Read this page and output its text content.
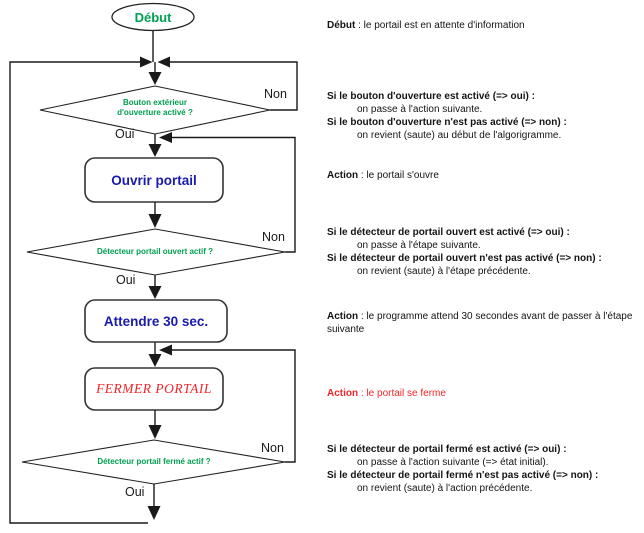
Début
Bouton extérieur d'ouverture activé ?
Ouvrir portail
Détecteur portail ouvert actif ?
Attendre 30 sec.
FERMER PORTAIL
Détecteur portail fermé actif ?
Oui
Non
Oui
Non
Oui
Non
Début : le portail est en attente d'information
Si le bouton d'ouverture est activé (=> oui) :
on passe à l'action suivante.
Si le bouton d'ouverture n'est pas activé (=> non) :
on revient (saute) au début de l'algorigramme.
Action : le portail s'ouvre
Si le détecteur de portail ouvert est activé (=> oui) :
on passe à l'étape suivante.
Si le détecteur de portail ouvert n'est pas activé (=> non) :
on revient (saute) à l'étape précédente.
Action : le programme attend 30 secondes avant de passer à l'étape suivante
Action : le portail se ferme
Si le détecteur de portail fermé est activé (=> oui) :
on passe à l'action suivante (=> état initial).
Si le détecteur de portail fermé n'est pas activé (=> non) :
on revient (saute) à l'action précédente.
